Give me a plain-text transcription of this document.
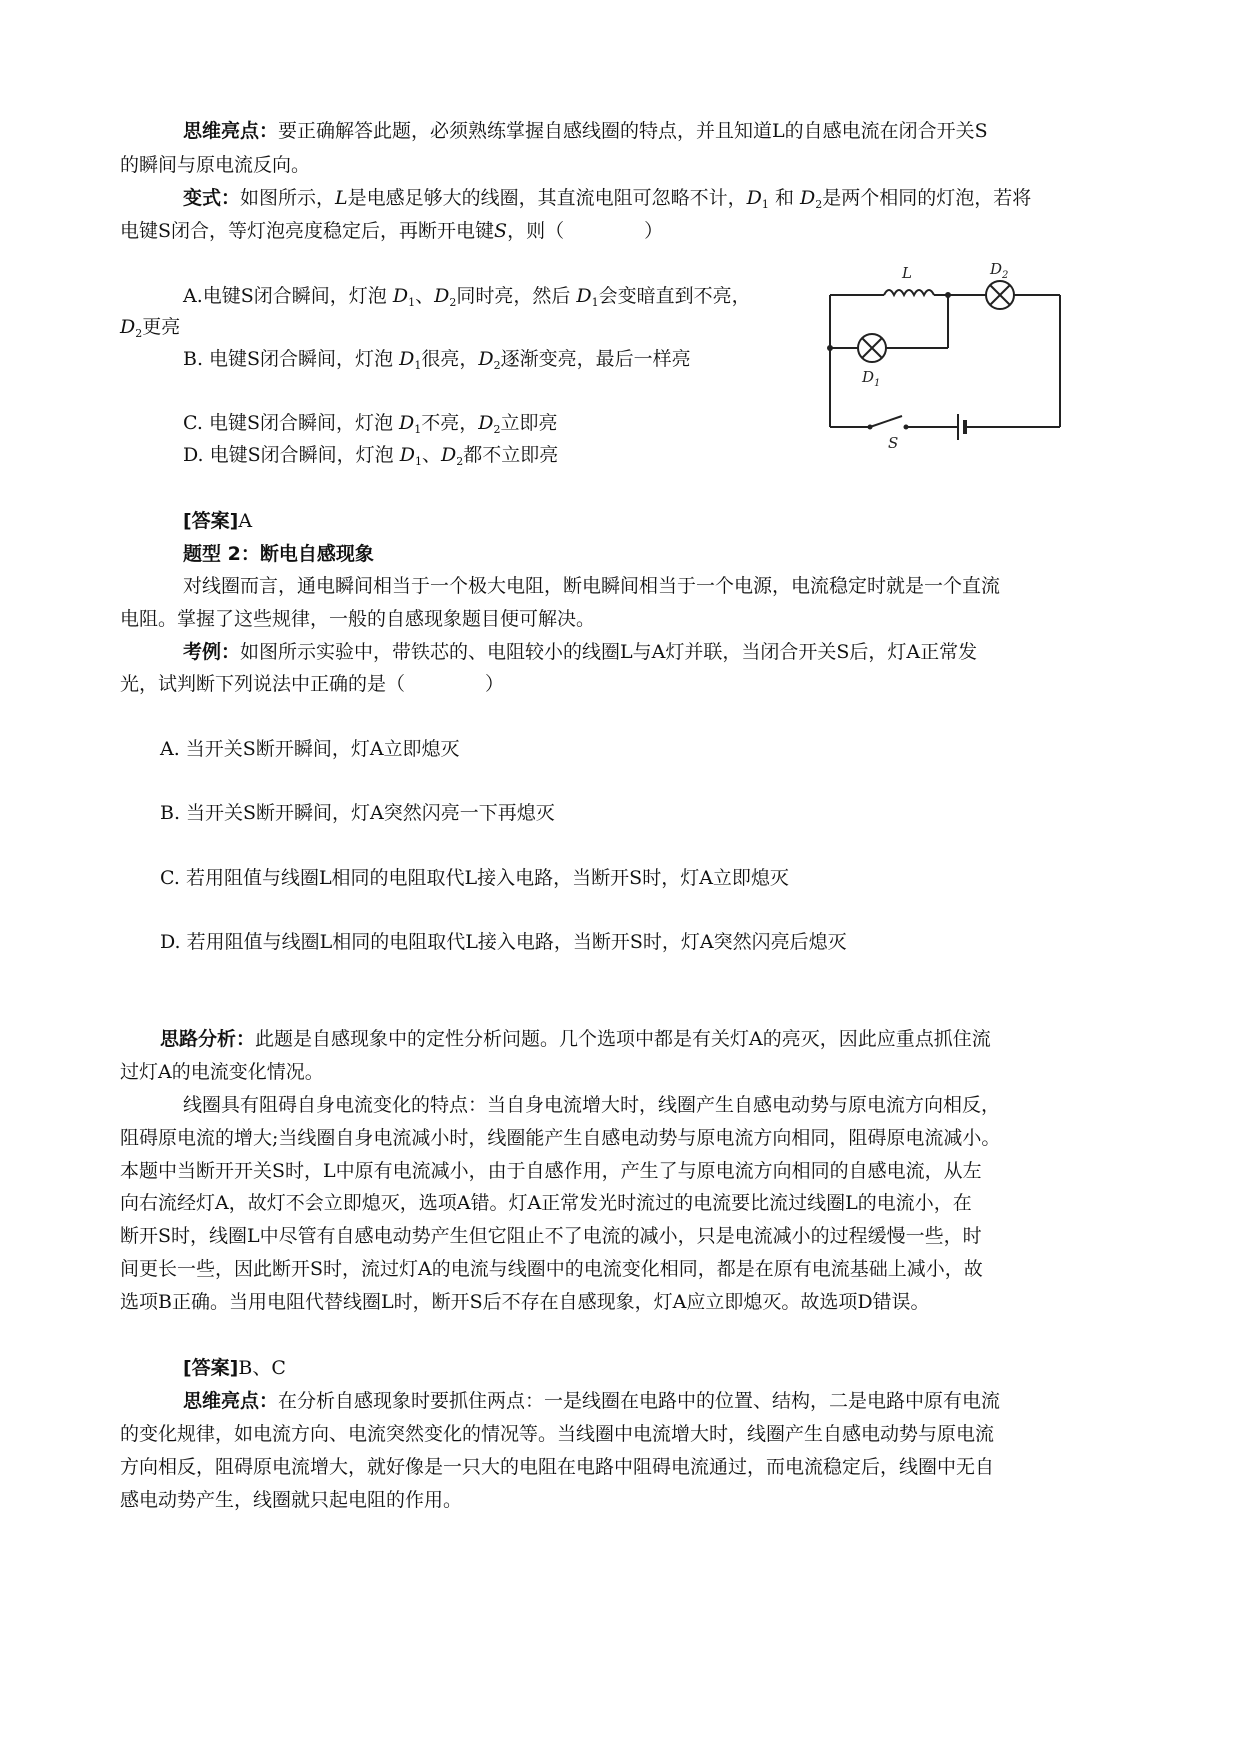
思维亮点：要正确解答此题，必须熟练掌握自感线圈的特点，并且知道L的自感电流在闭合开关S
的瞬间与原电流反向。
变式：如图所示，L是电感足够大的线圈，其直流电阻可忽略不计，$D_1$ 和 $D_2$是两个相同的灯泡，若将
电键S闭合，等灯泡亮度稳定后，再断开电键S，则（	）
A.电键S闭合瞬间，灯泡 $D_1$、$D_2$同时亮，然后 $D_1$会变暗直到不亮，
$D_2$更亮
B. 电键S闭合瞬间，灯泡 $D_1$很亮，$D_2$逐渐变亮，最后一样亮
C. 电键S闭合瞬间，灯泡 $D_1$不亮，$D_2$立即亮
D. 电键S闭合瞬间，灯泡 $D_1$、$D_2$都不立即亮
L	$D_2$
$D_1$
S
[答案]A
题型 2：断电自感现象
对线圈而言，通电瞬间相当于一个极大电阻，断电瞬间相当于一个电源，电流稳定时就是一个直流
电阻。掌握了这些规律，一般的自感现象题目便可解决。
考例：如图所示实验中，带铁芯的、电阻较小的线圈L与A灯并联，当闭合开关S后，灯A正常发
光，试判断下列说法中正确的是（	）
A. 当开关S断开瞬间，灯A立即熄灭
B. 当开关S断开瞬间，灯A突然闪亮一下再熄灭
C. 若用阻值与线圈L相同的电阻取代L接入电路，当断开S时，灯A立即熄灭
D. 若用阻值与线圈L相同的电阻取代L接入电路，当断开S时，灯A突然闪亮后熄灭
思路分析：此题是自感现象中的定性分析问题。几个选项中都是有关灯A的亮灭，因此应重点抓住流
过灯A的电流变化情况。
线圈具有阻碍自身电流变化的特点：当自身电流增大时，线圈产生自感电动势与原电流方向相反，
阻碍原电流的增大;当线圈自身电流减小时，线圈能产生自感电动势与原电流方向相同，阻碍原电流减小。
本题中当断开开关S时，L中原有电流减小，由于自感作用，产生了与原电流方向相同的自感电流，从左
向右流经灯A，故灯不会立即熄灭，选项A错。灯A正常发光时流过的电流要比流过线圈L的电流小，在
断开S时，线圈L中尽管有自感电动势产生但它阻止不了电流的减小，只是电流减小的过程缓慢一些，时
间更长一些，因此断开S时，流过灯A的电流与线圈中的电流变化相同，都是在原有电流基础上减小，故
选项B正确。当用电阻代替线圈L时，断开S后不存在自感现象，灯A应立即熄灭。故选项D错误。
[答案]B、C
思维亮点：在分析自感现象时要抓住两点：一是线圈在电路中的位置、结构，二是电路中原有电流
的变化规律，如电流方向、电流突然变化的情况等。当线圈中电流增大时，线圈产生自感电动势与原电流
方向相反，阻碍原电流增大，就好像是一只大的电阻在电路中阻碍电流通过，而电流稳定后，线圈中无自
感电动势产生，线圈就只起电阻的作用。
